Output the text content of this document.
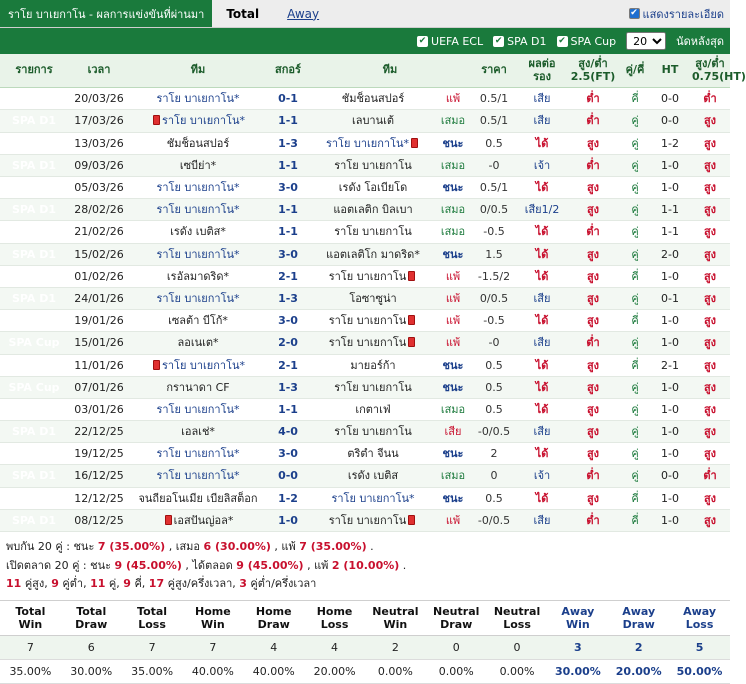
ราโย บาเยกาโน - ผลการแข่งขันที่ผ่านมา	Total	Away	✔ แสดงรายละเอียด
✔ UEFA ECL ✔ SPA D1 ✔ SPA Cup
20	นัดหลังสุด
รายการ	เวลา	ทีม	สกอร์	ทีม		ราคา	ผลต่อรอง	สูง/ต่ำ 2.5(FT)	คู่/คี่	HT	สูง/ต่ำ 0.75(HT)
UEFA ECL	20/03/26	ราโย บาเยกาโน*	0-1	ชัมช็อนสปอร์	แพ้	0.5/1	เสีย	ต่ำ	คี่	0-0	ต่ำ
SPA D1	17/03/26	ราโย บาเยกาโน*	1-1	เลบานเต้	เสมอ	0.5/1	เสีย	ต่ำ	คู่	0-0	สูง
UEFA ECL	13/03/26	ชัมช็อนสปอร์	1-3	ราโย บาเยกาโน*	ชนะ	0.5	ได้	สูง	คู่	1-2	สูง
SPA D1	09/03/26	เซบีย่า*	1-1	ราโย บาเยกาโน	เสมอ	-0	เจ้า	ต่ำ	คู่	1-0	สูง
SPA D1	05/03/26	ราโย บาเยกาโน*	3-0	เรดัง โอเบียโด	ชนะ	0.5/1	ได้	สูง	คู่	1-0	สูง
SPA D1	28/02/26	ราโย บาเยกาโน*	1-1	แอตเลติก บิลเบา	เสมอ	0/0.5	เสีย1/2	สูง	คู่	1-1	สูง
SPA D1	21/02/26	เรดัง เบติส*	1-1	ราโย บาเยกาโน	เสมอ	-0.5	ได้	ต่ำ	คู่	1-1	สูง
SPA D1	15/02/26	ราโย บาเยกาโน*	3-0	แอตเลติโก มาดริด*	ชนะ	1.5	ได้	สูง	คู่	2-0	สูง
SPA D1	01/02/26	เรอัลมาดริด*	2-1	ราโย บาเยกาโน	แพ้	-1.5/2	ได้	สูง	คี่	1-0	สูง
SPA D1	24/01/26	ราโย บาเยกาโน*	1-3	โอซาซูน่า	แพ้	0/0.5	เสีย	สูง	คู่	0-1	สูง
SPA D1	19/01/26	เซลต้า บีโก้*	3-0	ราโย บาเยกาโน	แพ้	-0.5	ได้	สูง	คี่	1-0	สูง
SPA Cup	15/01/26	ลอเนเต*	2-0	ราโย บาเยกาโน	แพ้	-0	เสีย	ต่ำ	คู่	1-0	สูง
SPA D1	11/01/26	ราโย บาเยกาโน*	2-1	มายอร์ก้า	ชนะ	0.5	ได้	สูง	คี่	2-1	สูง
SPA Cup	07/01/26	กรานาดา CF	1-3	ราโย บาเยกาโน	ชนะ	0.5	ได้	สูง	คู่	1-0	สูง
SPA D1	03/01/26	ราโย บาเยกาโน*	1-1	เกตาเฟ่	เสมอ	0.5	ได้	สูง	คู่	1-0	สูง
SPA D1	22/12/25	เอลเช่*	4-0	ราโย บาเยกาโน	เสีย	-0/0.5	เสีย	สูง	คู่	1-0	สูง
UEFA ECL	19/12/25	ราโย บาเยกาโน*	3-0	ตริตำ จีนน	ชนะ	2	ได้	สูง	คู่	1-0	สูง
SPA D1	16/12/25	ราโย บาเยกาโน*	0-0	เรดัง เบติส	เสมอ	0	เจ้า	ต่ำ	คู่	0-0	ต่ำ
UEFA ECL	12/12/25	จนถียอโนเมีย เบียลิสต็อก	1-2	ราโย บาเยกาโน*	ชนะ	0.5	ได้	สูง	คี่	1-0	สูง
SPA D1	08/12/25	เอสปันญ่อล*	1-0	ราโย บาเยกาโน	แพ้	-0/0.5	เสีย	ต่ำ	คี่	1-0	สูง
พบกัน 20 คู่ : ชนะ 7 (35.00%) , เสมอ 6 (30.00%) , แพ้ 7 (35.00%) .
เปิดตลาด 20 คู่ : ชนะ 9 (45.00%) , ได้ตลอด 9 (45.00%) , แพ้ 2 (10.00%) .
11 คู่สูง, 9 คู่ต่ำ, 11 คู่, 9 คี่, 17 คู่สูง/ครึ่งเวลา, 3 คู่ต่ำ/ครึ่งเวลา
Total Win	Total Draw	Total Loss	Home Win	Home Draw	Home Loss	Neutral Win	Neutral Draw	Neutral Loss	Away Win	Away Draw	Away Loss
7	6	7	7	4	4	2	0	0	3	2	5
35.00%	30.00%	35.00%	40.00%	40.00%	20.00%	0.00%	0.00%	0.00%	30.00%	20.00%	50.00%
